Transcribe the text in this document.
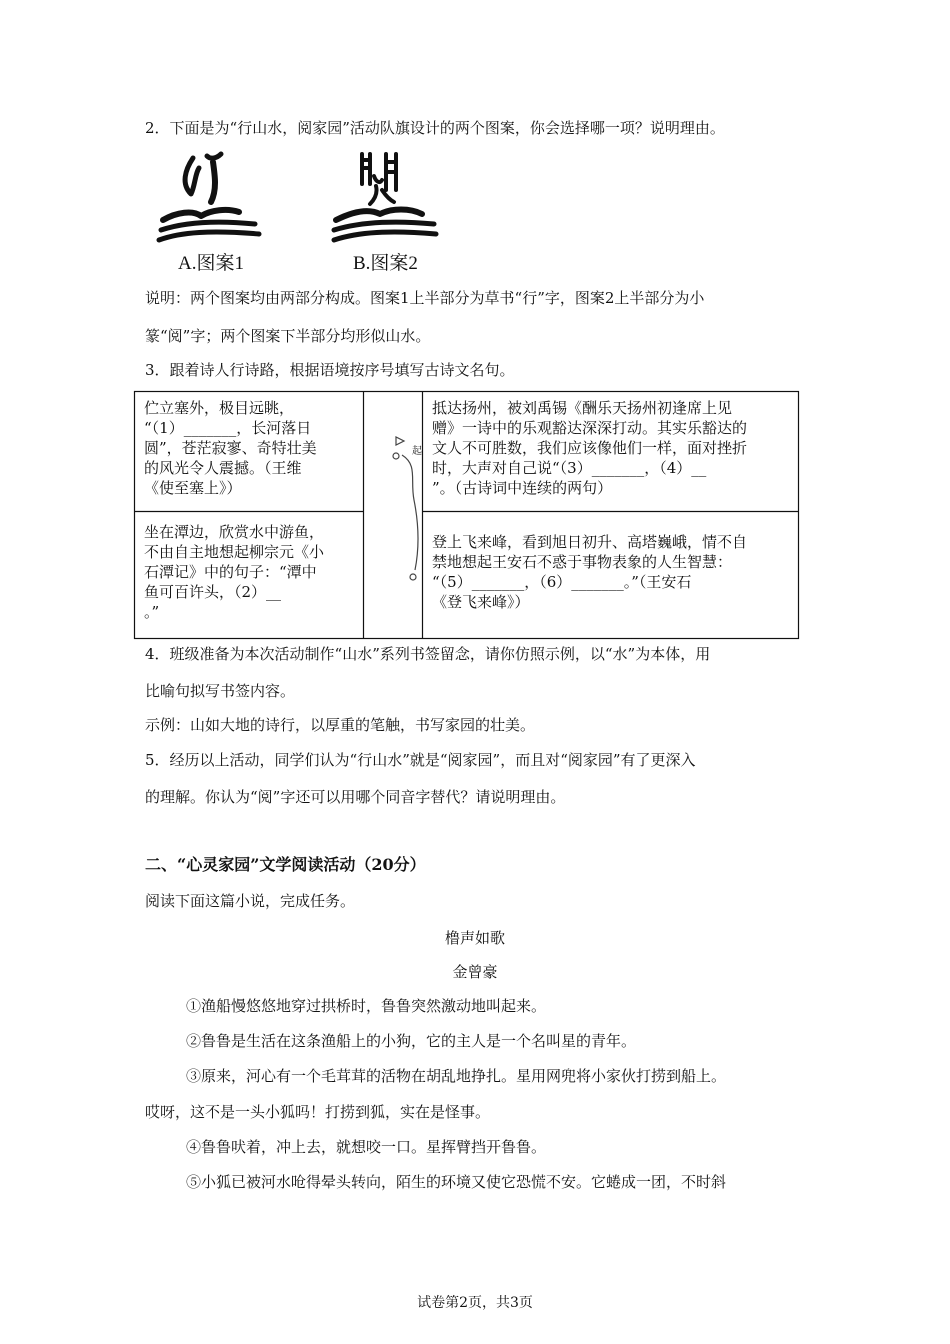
2．下面是为“行山水，阅家园”活动队旗设计的两个图案，你会选择哪一项？说明理由。
A.图案1	B.图案2
说明：两个图案均由两部分构成。图案1上半部分为草书“行”字，图案2上半部分为小
篆“阅”字；两个图案下半部分均形似山水。
3．跟着诗人行诗路，根据语境按序号填写古诗文名句。
起
伫立塞外，极目远眺，
“（1）_______，长河落日
圆”，苍茫寂寥、奇特壮美
的风光令人震撼。（王维
《使至塞上》）
抵达扬州，被刘禹锡《酬乐天扬州初逢席上见
赠》一诗中的乐观豁达深深打动。其实乐豁达的
文人不可胜数，我们应该像他们一样，面对挫折
时，大声对自己说“（3）_______，（4）__
”。（古诗词中连续的两句）
坐在潭边，欣赏水中游鱼，
不由自主地想起柳宗元《小
石潭记》中的句子：“潭中
鱼可百许头，（2）__
。”
登上飞来峰，看到旭日初升、高塔巍峨，情不自
禁地想起王安石不惑于事物表象的人生智慧：
“（5）_______，（6）_______。”（王安石
《登飞来峰》）
4．班级准备为本次活动制作“山水”系列书签留念，请你仿照示例，以“水”为本体，用
比喻句拟写书签内容。
示例：山如大地的诗行，以厚重的笔触，书写家园的壮美。
5．经历以上活动，同学们认为“行山水”就是“阅家园”，而且对“阅家园”有了更深入
的理解。你认为“阅”字还可以用哪个同音字替代？请说明理由。
二、“心灵家园”文学阅读活动（20分）
阅读下面这篇小说，完成任务。
橹声如歌
金曾豪
①渔船慢悠悠地穿过拱桥时，鲁鲁突然激动地叫起来。
②鲁鲁是生活在这条渔船上的小狗，它的主人是一个名叫星的青年。
③原来，河心有一个毛茸茸的活物在胡乱地挣扎。星用网兜将小家伙打捞到船上。
哎呀，这不是一头小狐吗！打捞到狐，实在是怪事。
④鲁鲁吠着，冲上去，就想咬一口。星挥臂挡开鲁鲁。
⑤小狐已被河水呛得晕头转向，陌生的环境又使它恐慌不安。它蜷成一团，不时斜
试卷第2页，共3页
